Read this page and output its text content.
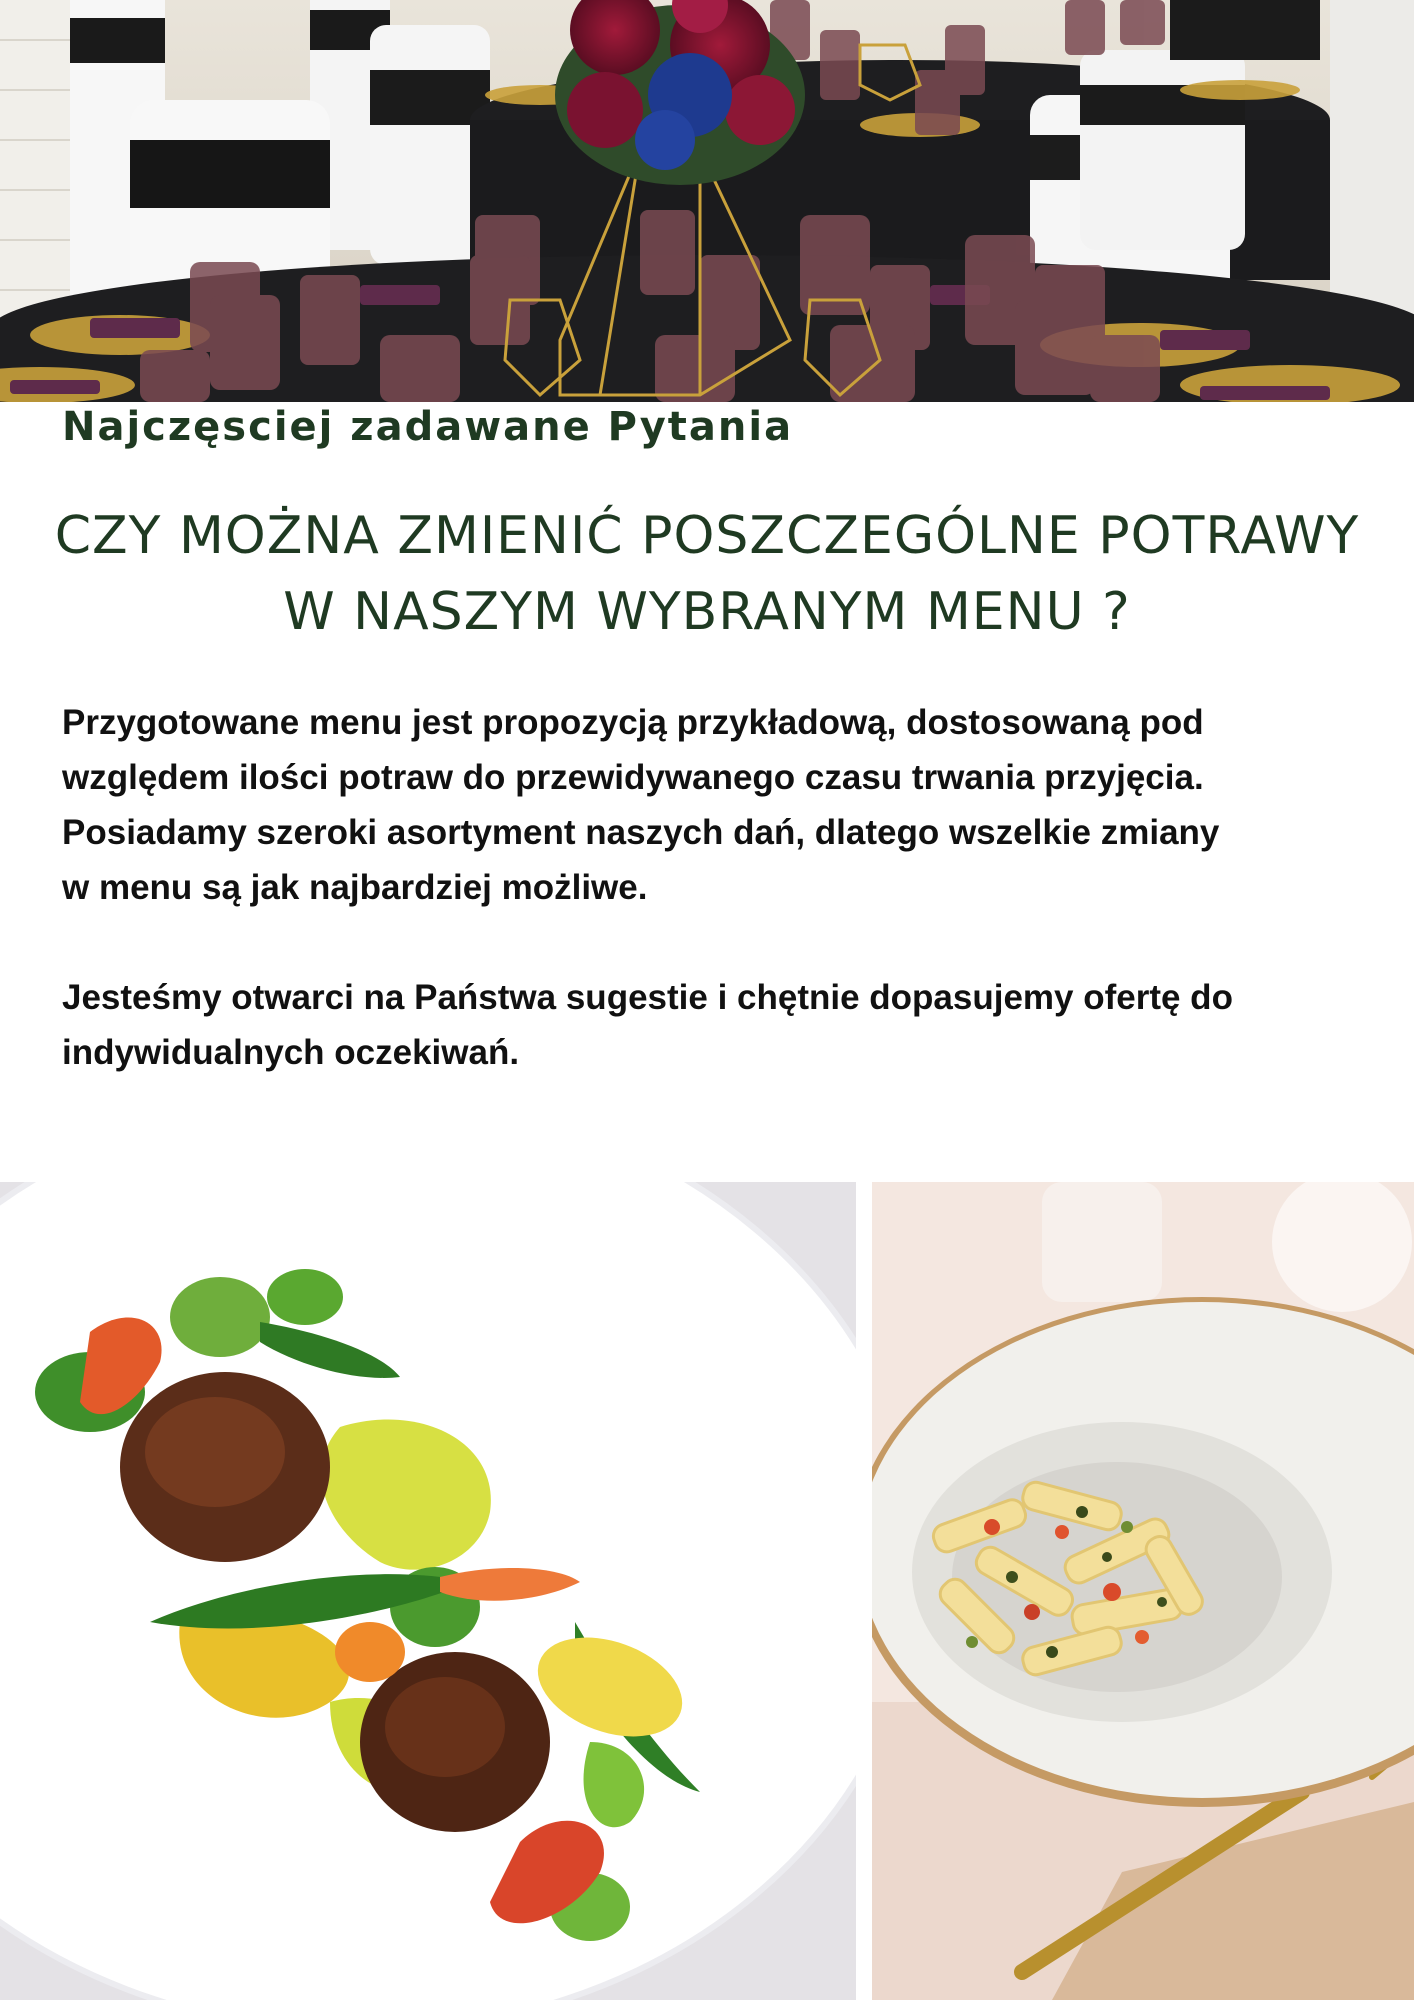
Najczęsciej zadawane Pytania
CZY MOŻNA ZMIENIĆ POSZCZEGÓLNE POTRAWY
W NASZYM WYBRANYM MENU ?

Przygotowane menu jest propozycją przykładową, dostosowaną pod
względem ilości potraw do przewidywanego czasu trwania przyjęcia.
Posiadamy szeroki asortyment naszych dań, dlatego wszelkie zmiany
w menu są jak najbardziej możliwe.

Jesteśmy otwarci na Państwa sugestie i chętnie dopasujemy ofertę do
indywidualnych oczekiwań.
